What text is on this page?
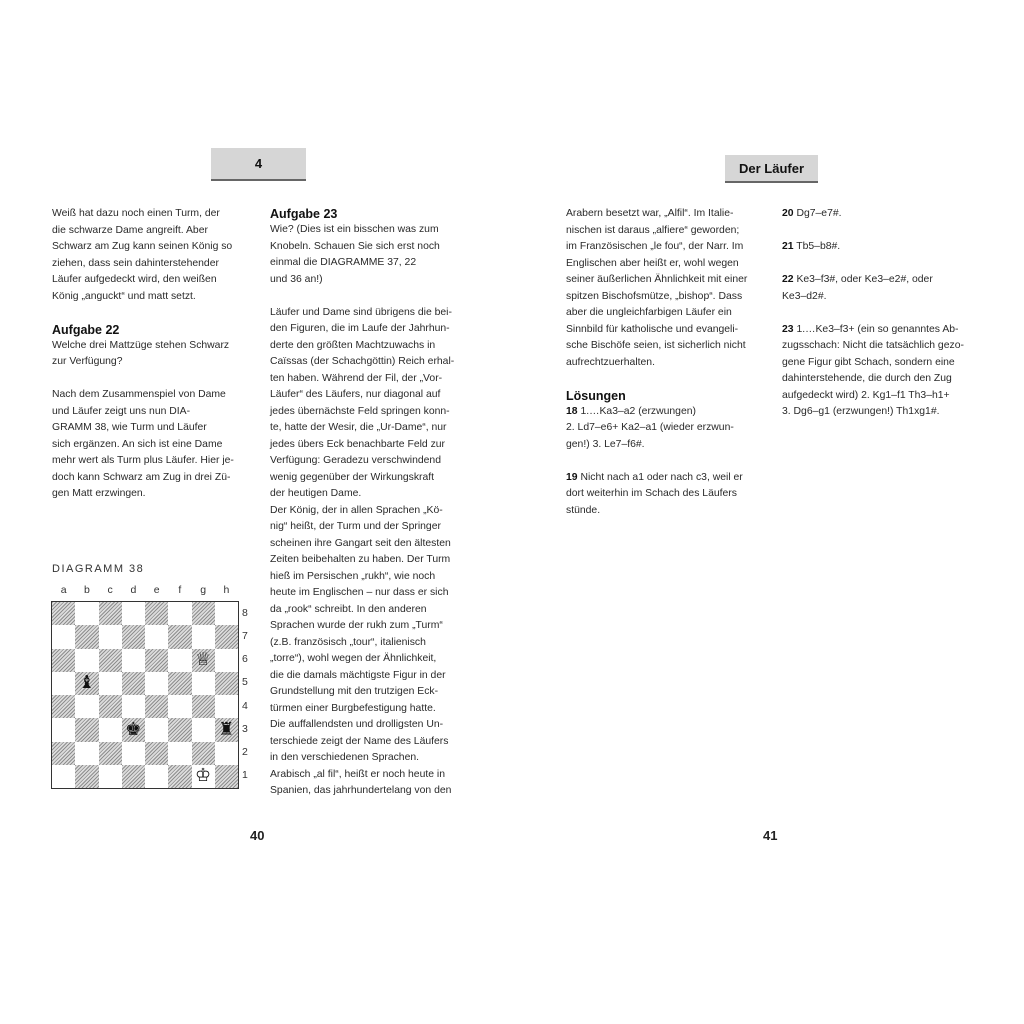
4

Weiß hat dazu noch einen Turm, der

die schwarze Dame angreift. Aber

Schwarz am Zug kann seinen König so

ziehen, dass sein dahinterstehender

Läufer aufgedeckt wird, den weißen

König „anguckt“ und matt setzt.

Aufgabe 22

Welche drei Mattzüge stehen Schwarz

zur Verfügung?

Nach dem Zusammenspiel von Dame

und Läufer zeigt uns nun DIA-

GRAMM 38, wie Turm und Läufer

sich ergänzen. An sich ist eine Dame

mehr wert als Turm plus Läufer. Hier je-

doch kann Schwarz am Zug in drei Zü-

gen Matt erzwingen.

Aufgabe 23

Wie? (Dies ist ein bisschen was zum

Knobeln. Schauen Sie sich erst noch

einmal die DIAGRAMME 37, 22

und 36 an!)

Läufer und Dame sind übrigens die bei-

den Figuren, die im Laufe der Jahrhun-

derte den größten Machtzuwachs in

Caïssas (der Schachgöttin) Reich erhal-

ten haben. Während der Fil, der „Vor-

Läufer“ des Läufers, nur diagonal auf

jedes übernächste Feld springen konn-

te, hatte der Wesir, die „Ur-Dame“, nur

jedes übers Eck benachbarte Feld zur

Verfügung: Geradezu verschwindend

wenig gegenüber der Wirkungskraft

der heutigen Dame.

Der König, der in allen Sprachen „Kö-

nig“ heißt, der Turm und der Springer

scheinen ihre Gangart seit den ältesten

Zeiten beibehalten zu haben. Der Turm

hieß im Persischen „rukh“, wie noch

heute im Englischen – nur dass er sich

da „rook“ schreibt. In den anderen

Sprachen wurde der rukh zum „Turm“

(z.B. französisch „tour“, italienisch

„torre“), wohl wegen der Ähnlichkeit,

die die damals mächtigste Figur in der

Grundstellung mit den trutzigen Eck-

türmen einer Burgbefestigung hatte.

Die auffallendsten und drolligsten Un-

terschiede zeigt der Name des Läufers

in den verschiedenen Sprachen.

Arabisch „al fil“, heißt er noch heute in

Spanien, das jahrhundertelang von den

DIAGRAMM 38
a	b	c	d	e	f	g	h
♕
♝
♚	♜
♔
8
7
6
5
4
3
2
1
40
Der Läufer

Arabern besetzt war, „Alfil“. Im Italie-

nischen ist daraus „alfiere“ geworden;

im Französischen „le fou“, der Narr. Im

Englischen aber heißt er, wohl wegen

seiner äußerlichen Ähnlichkeit mit einer

spitzen Bischofsmütze, „bishop“. Dass

aber die ungleichfarbigen Läufer ein

Sinnbild für katholische und evangeli-

sche Bischöfe seien, ist sicherlich nicht

aufrechtzuerhalten.

Lösungen

18 1.…Ka3–a2 (erzwungen)

2. Ld7–e6+ Ka2–a1 (wieder erzwun-

gen!) 3. Le7–f6#.

19 Nicht nach a1 oder nach c3, weil er

dort weiterhin im Schach des Läufers

stünde.

20 Dg7–e7#.

21 Tb5–b8#.

22 Ke3–f3#, oder Ke3–e2#, oder

Ke3–d2#.

23 1.…Ke3–f3+ (ein so genanntes Ab-

zugsschach: Nicht die tatsächlich gezo-

gene Figur gibt Schach, sondern eine

dahinterstehende, die durch den Zug

aufgedeckt wird) 2. Kg1–f1 Th3–h1+

3. Dg6–g1 (erzwungen!) Th1xg1#.

41
